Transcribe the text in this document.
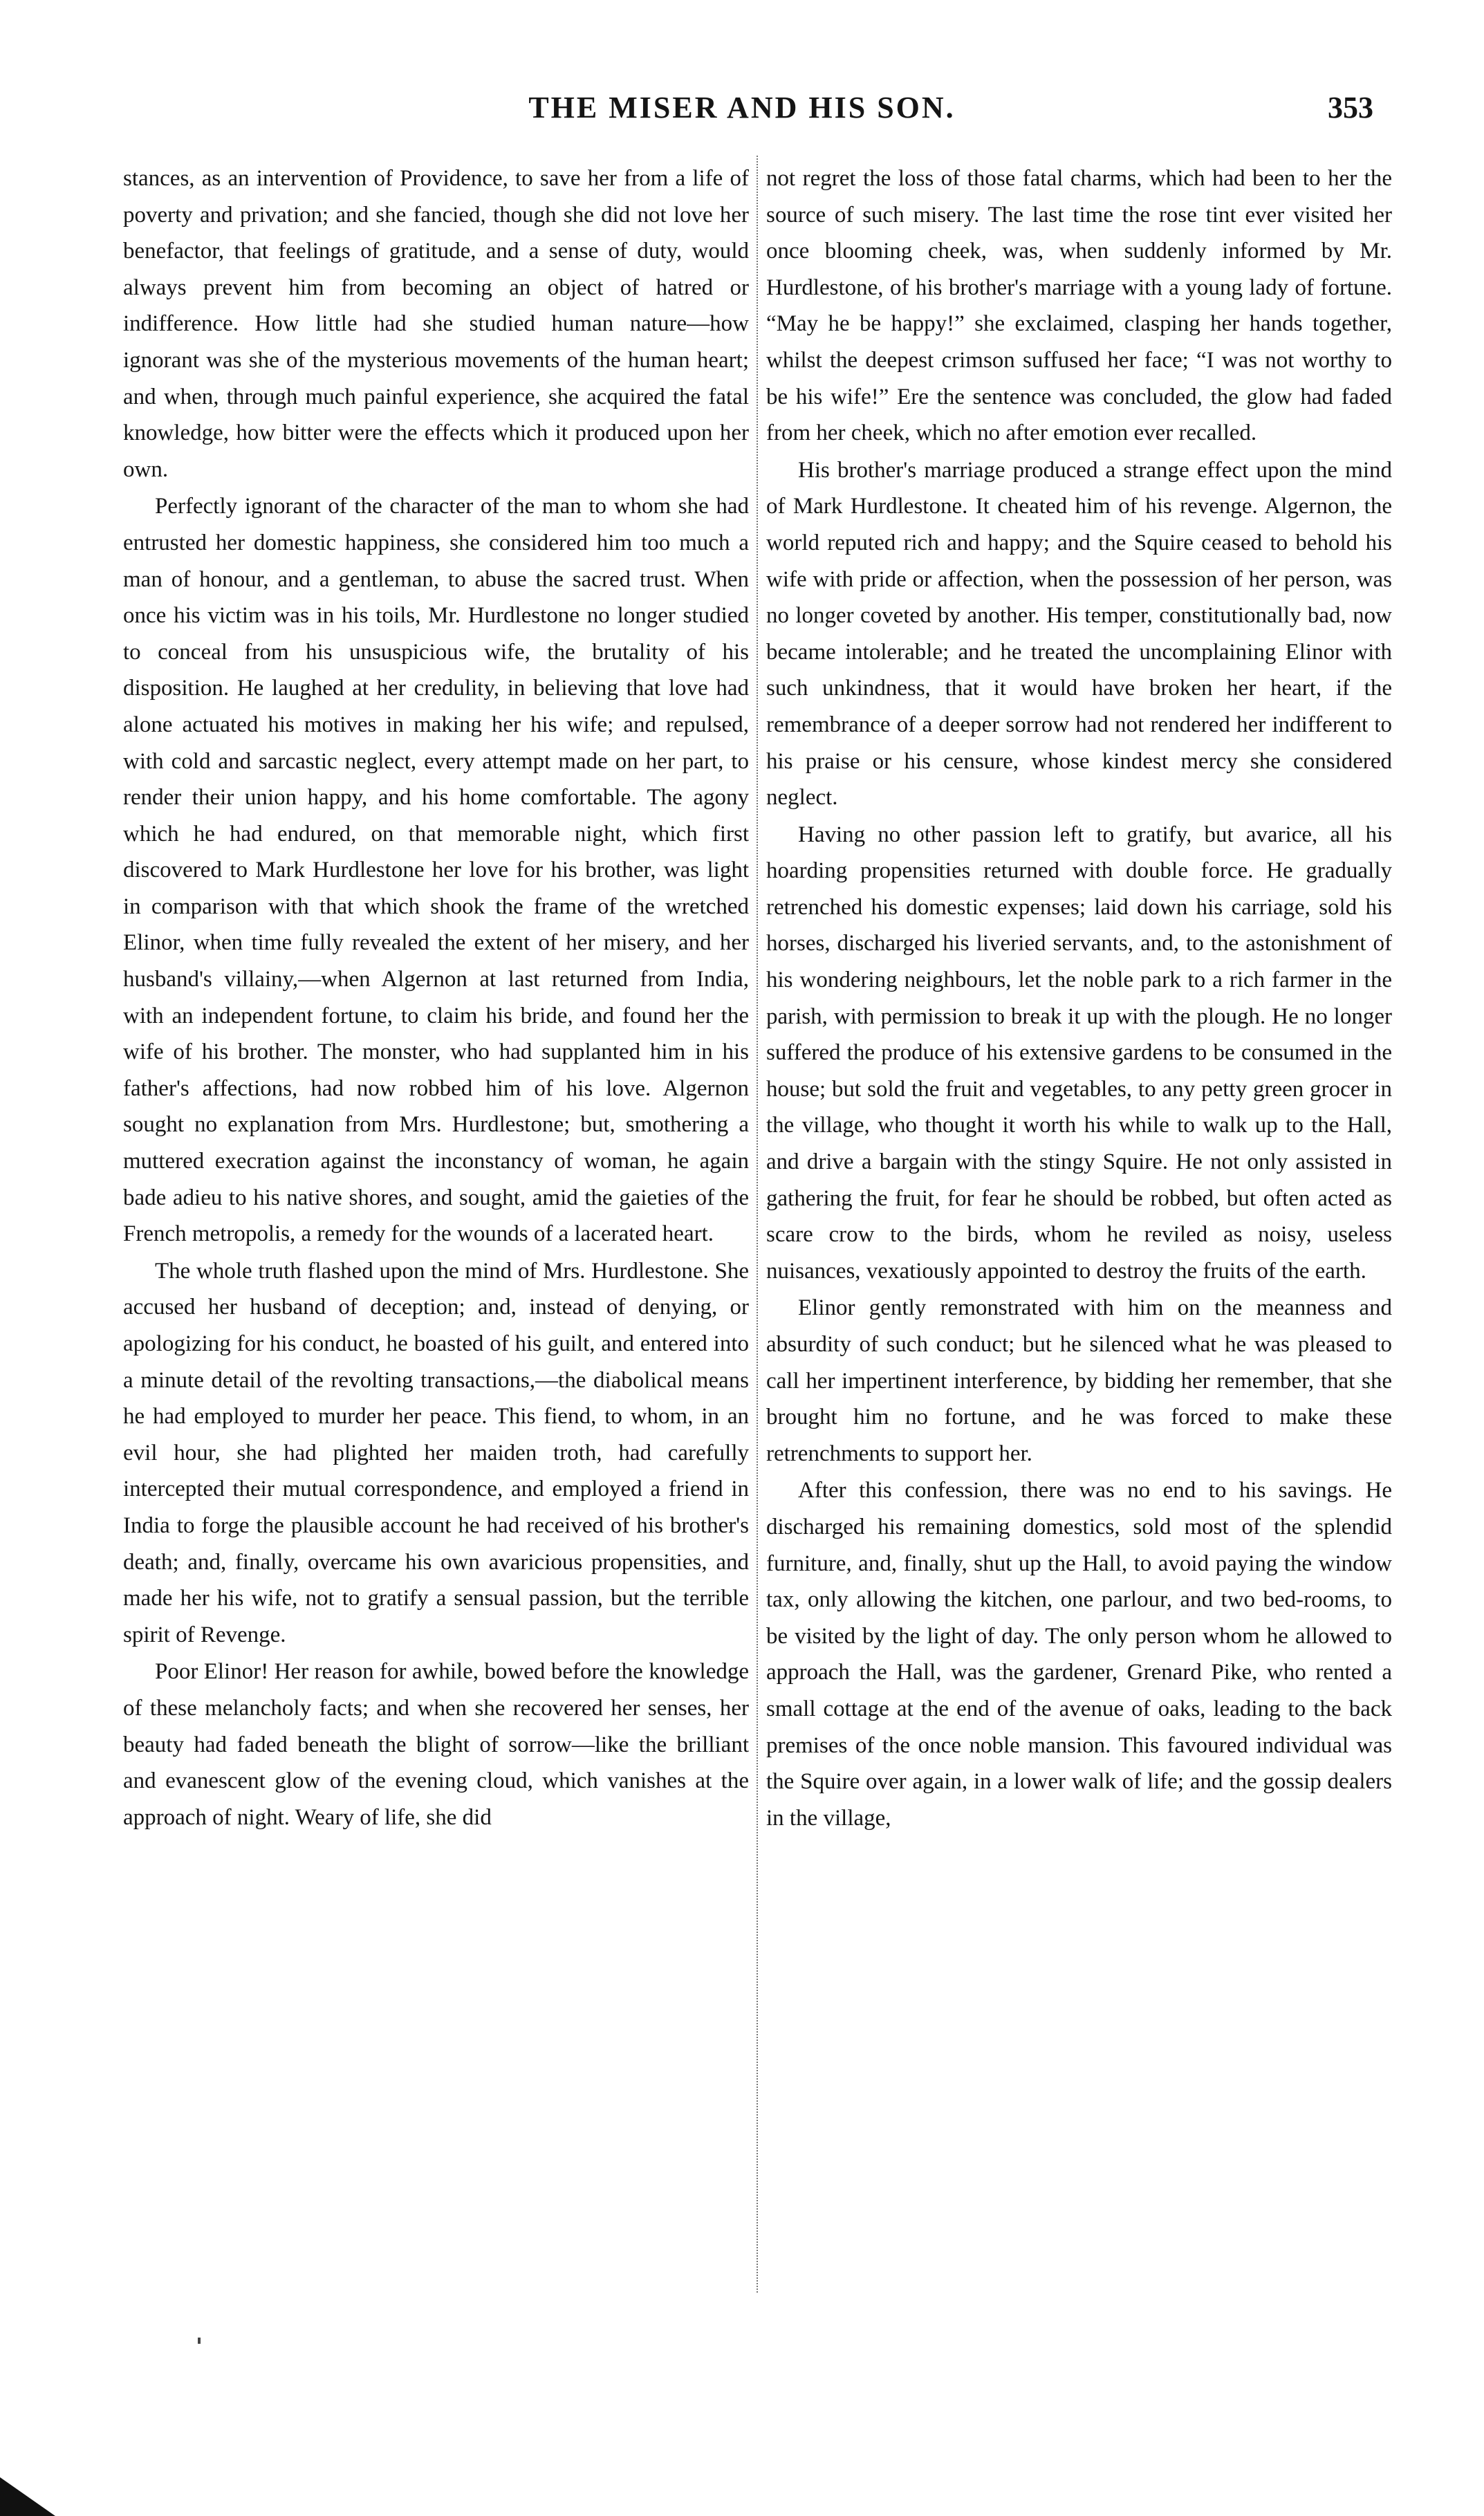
THE MISER AND HIS SON.	353

stances, as an intervention of Providence, to save her from a life of poverty and privation; and she fancied, though she did not love her benefactor, that feelings of gratitude, and a sense of duty, would always prevent him from becoming an object of hatred or indifference. How little had she studied human nature—how ignorant was she of the mysterious movements of the human heart; and when, through much painful experience, she acquired the fatal knowledge, how bitter were the effects which it produced upon her own.

Perfectly ignorant of the character of the man to whom she had entrusted her domestic happiness, she considered him too much a man of honour, and a gentleman, to abuse the sacred trust. When once his victim was in his toils, Mr. Hurdlestone no longer studied to conceal from his unsuspicious wife, the brutality of his disposition. He laughed at her credulity, in believing that love had alone actuated his motives in making her his wife; and repulsed, with cold and sarcastic neglect, every attempt made on her part, to render their union happy, and his home comfortable. The agony which he had endured, on that memorable night, which first discovered to Mark Hurdlestone her love for his brother, was light in comparison with that which shook the frame of the wretched Elinor, when time fully revealed the extent of her misery, and her husband's villainy,—when Algernon at last returned from India, with an independent fortune, to claim his bride, and found her the wife of his brother. The monster, who had supplanted him in his father's affections, had now robbed him of his love. Algernon sought no explanation from Mrs. Hurdlestone; but, smothering a muttered execration against the inconstancy of woman, he again bade adieu to his native shores, and sought, amid the gaieties of the French metropolis, a remedy for the wounds of a lacerated heart.

The whole truth flashed upon the mind of Mrs. Hurdlestone. She accused her husband of deception; and, instead of denying, or apologizing for his conduct, he boasted of his guilt, and entered into a minute detail of the revolting transactions,—the diabolical means he had employed to murder her peace. This fiend, to whom, in an evil hour, she had plighted her maiden troth, had carefully intercepted their mutual correspondence, and employed a friend in India to forge the plausible account he had received of his brother's death; and, finally, overcame his own avaricious propensities, and made her his wife, not to gratify a sensual passion, but the terrible spirit of Revenge.

Poor Elinor! Her reason for awhile, bowed before the knowledge of these melancholy facts; and when she recovered her senses, her beauty had faded beneath the blight of sorrow—like the brilliant and evanescent glow of the evening cloud, which vanishes at the approach of night. Weary of life, she did

not regret the loss of those fatal charms, which had been to her the source of such misery. The last time the rose tint ever visited her once blooming cheek, was, when suddenly informed by Mr. Hurdlestone, of his brother's marriage with a young lady of fortune. “May he be happy!” she exclaimed, clasping her hands together, whilst the deepest crimson suffused her face; “I was not worthy to be his wife!” Ere the sentence was concluded, the glow had faded from her cheek, which no after emotion ever recalled.

His brother's marriage produced a strange effect upon the mind of Mark Hurdlestone. It cheated him of his revenge. Algernon, the world reputed rich and happy; and the Squire ceased to behold his wife with pride or affection, when the possession of her person, was no longer coveted by another. His temper, constitutionally bad, now became intolerable; and he treated the uncomplaining Elinor with such unkindness, that it would have broken her heart, if the remembrance of a deeper sorrow had not rendered her indifferent to his praise or his censure, whose kindest mercy she considered neglect.

Having no other passion left to gratify, but avarice, all his hoarding propensities returned with double force. He gradually retrenched his domestic expenses; laid down his carriage, sold his horses, discharged his liveried servants, and, to the astonishment of his wondering neighbours, let the noble park to a rich farmer in the parish, with permission to break it up with the plough. He no longer suffered the produce of his extensive gardens to be consumed in the house; but sold the fruit and vegetables, to any petty green grocer in the village, who thought it worth his while to walk up to the Hall, and drive a bargain with the stingy Squire. He not only assisted in gathering the fruit, for fear he should be robbed, but often acted as scare crow to the birds, whom he reviled as noisy, useless nuisances, vexatiously appointed to destroy the fruits of the earth.

Elinor gently remonstrated with him on the meanness and absurdity of such conduct; but he silenced what he was pleased to call her impertinent interference, by bidding her remember, that she brought him no fortune, and he was forced to make these retrenchments to support her.

After this confession, there was no end to his savings. He discharged his remaining domestics, sold most of the splendid furniture, and, finally, shut up the Hall, to avoid paying the window tax, only allowing the kitchen, one parlour, and two bed-rooms, to be visited by the light of day. The only person whom he allowed to approach the Hall, was the gardener, Grenard Pike, who rented a small cottage at the end of the avenue of oaks, leading to the back premises of the once noble mansion. This favoured individual was the Squire over again, in a lower walk of life; and the gossip dealers in the village,
